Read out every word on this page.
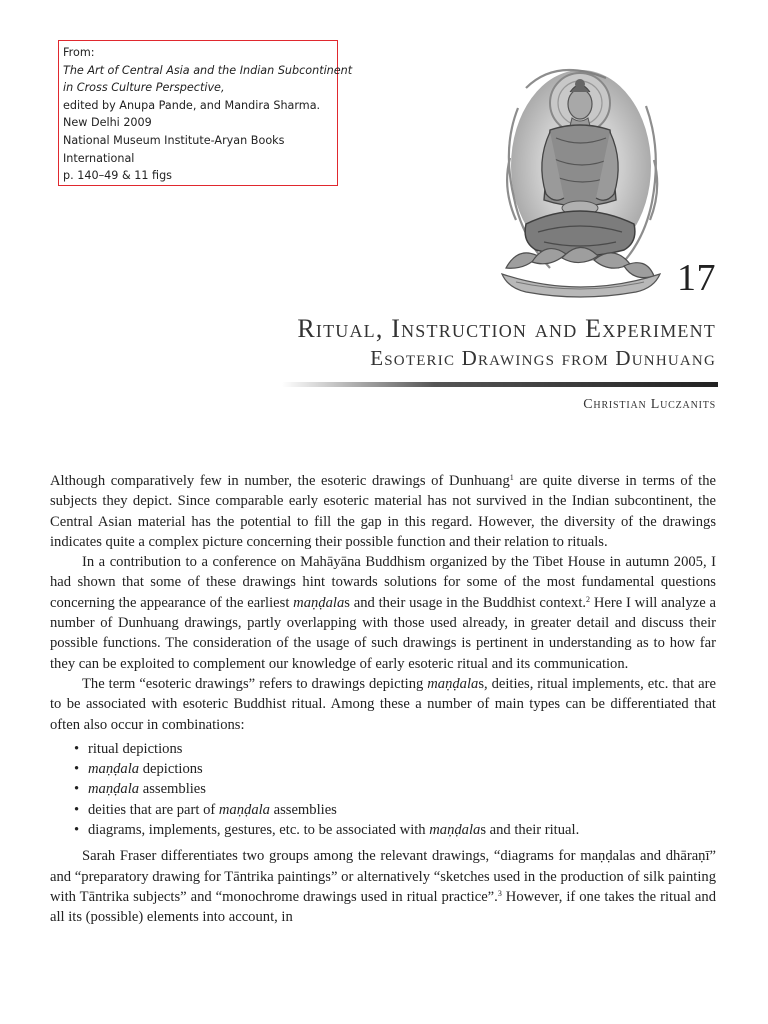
From:
The Art of Central Asia and the Indian Subcontinent
in Cross Culture Perspective,
edited by Anupa Pande, and Mandira Sharma.
New Delhi 2009
National Museum Institute-Aryan Books
International
p. 140–49 & 11 figs
17
Ritual, Instruction and Experiment
Esoteric Drawings from Dunhuang
Christian Luczanits

Although comparatively few in number, the esoteric drawings of Dunhuang$^1$ are quite diverse in terms of the subjects they depict. Since comparable early esoteric material has not survived in the Indian subcontinent, the Central Asian material has the potential to fill the gap in this regard. However, the diversity of the drawings indicates quite a complex picture concerning their possible function and their relation to rituals.

In a contribution to a conference on Mahāyāna Buddhism organized by the Tibet House in autumn 2005, I had shown that some of these drawings hint towards solutions for some of the most fundamental questions concerning the appearance of the earliest maṇḍalas and their usage in the Buddhist context.$^2$ Here I will analyze a number of Dunhuang drawings, partly overlapping with those used already, in greater detail and discuss their possible functions. The consideration of the usage of such drawings is pertinent in understanding as to how far they can be exploited to complement our knowledge of early esoteric ritual and its communication.

The term “esoteric drawings” refers to drawings depicting maṇḍalas, deities, ritual implements, etc. that are to be associated with esoteric Buddhist ritual. Among these a number of main types can be differentiated that often also occur in combinations:

• ritual depictions
• maṇḍala depictions
• maṇḍala assemblies
• deities that are part of maṇḍala assemblies
• diagrams, implements, gestures, etc. to be associated with maṇḍalas and their ritual.

Sarah Fraser differentiates two groups among the relevant drawings, “diagrams for maṇḍalas and dhāraṇī” and “preparatory drawing for Tāntrika paintings” or alternatively “sketches used in the production of silk painting with Tāntrika subjects” and “monochrome drawings used in ritual practice”.$^3$ However, if one takes the ritual and all its (possible) elements into account, in
